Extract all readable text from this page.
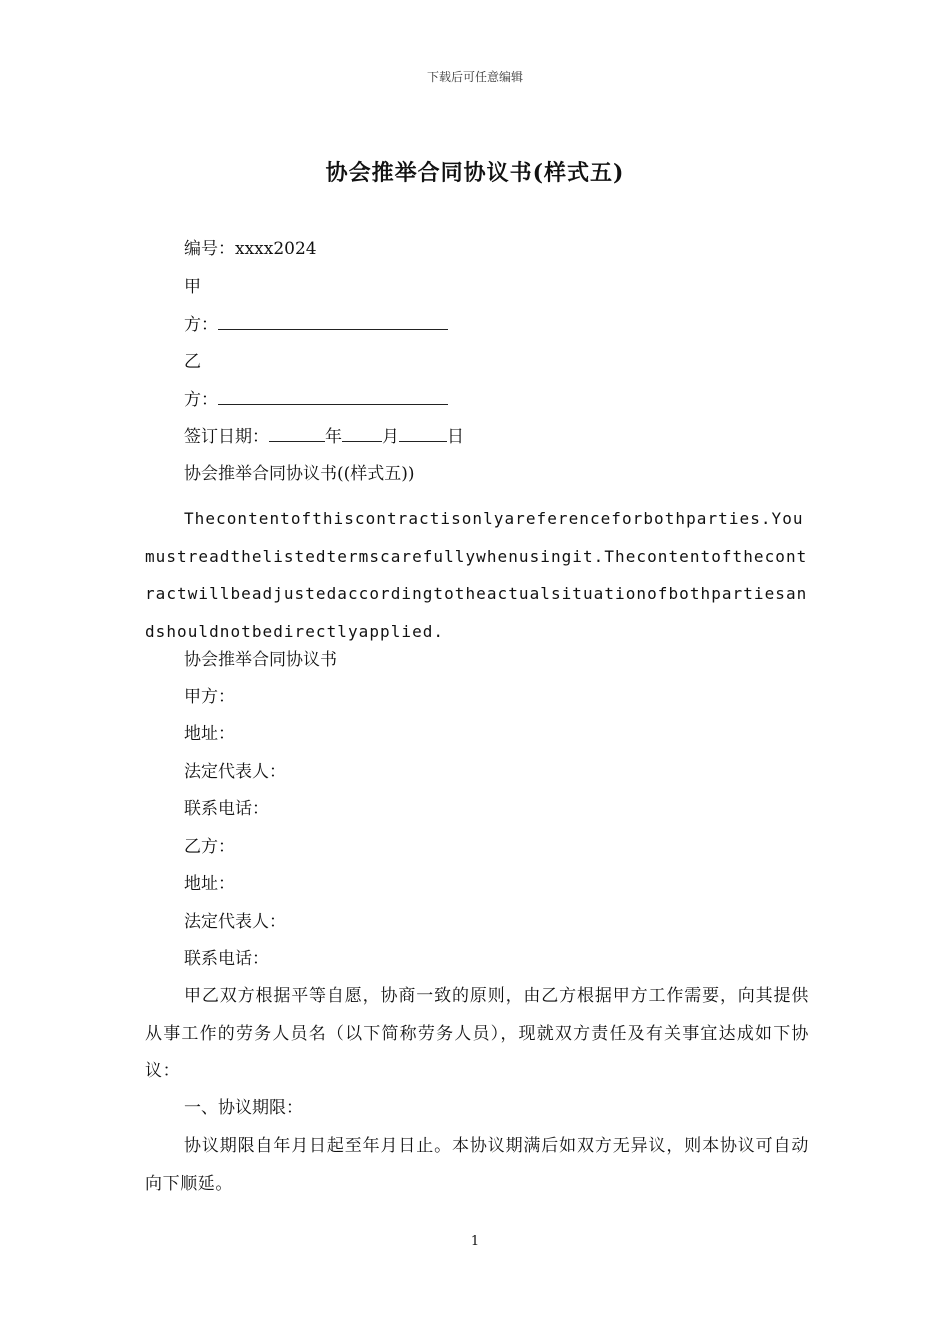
下载后可任意编辑
协会推举合同协议书(样式五)
编号：xxxx2024
甲
方：
乙
方：
签订日期：	年 月	日
协会推举合同协议书((样式五))
Thecontentofthiscontractisonlyareferenceforbothparties.Youmustreadthelistedtermscarefullywhenusingit.Thecontentofthecontractwillbeadjustedaccordingtotheactualsituationofbothpartiesandshouldnotbedirectlyapplied.
协会推举合同协议书
甲方：
地址：
法定代表人：
联系电话：
乙方：
地址：
法定代表人：
联系电话：
甲乙双方根据平等自愿，协商一致的原则，由乙方根据甲方工作需要，向其提供从事工作的劳务人员名（以下简称劳务人员），现就双方责任及有关事宜达成如下协议：
一、协议期限：
协议期限自年月日起至年月日止。本协议期满后如双方无异议，则本协议可自动向下顺延。
1
